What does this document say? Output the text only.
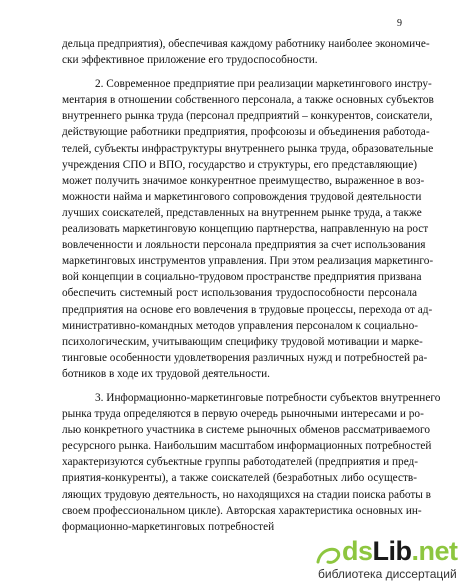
9
дельца предприятия), обеспечивая каждому работнику наиболее экономиче-
ски эффективное приложение его трудоспособности.
2. Современное предприятие при реализации маркетингового инстру-
ментария в отношении собственного персонала, а также основных субъектов
внутреннего рынка труда (персонал предприятий – конкурентов, соискатели,
действующие работники предприятия, профсоюзы и объединения работода-
телей, субъекты инфраструктуры внутреннего рынка труда, образовательные
учреждения СПО и ВПО, государство и структуры, его представляющие)
может получить значимое конкурентное преимущество, выраженное в воз-
можности найма и маркетингового сопровождения трудовой деятельности
лучших соискателей, представленных на внутреннем рынке труда, а также
реализовать маркетинговую концепцию партнерства, направленную на рост
вовлеченности и лояльности персонала предприятия за счет использования
маркетинговых инструментов управления. При этом реализация маркетинго-
вой концепции в социально-трудовом пространстве предприятия призвана
обеспечить системный рост использования трудоспособности персонала
предприятия на основе его вовлечения в трудовые процессы, перехода от ад-
министративно-командных методов управления персоналом к социально-
психологическим, учитывающим специфику трудовой мотивации и марке-
тинговые особенности удовлетворения различных нужд и потребностей ра-
ботников в ходе их трудовой деятельности.
3. Информационно-маркетинговые потребности субъектов внутреннего
рынка труда определяются в первую очередь рыночными интересами и ро-
лью конкретного участника в системе рыночных обменов рассматриваемого
ресурсного рынка. Наибольшим масштабом информационных потребностей
характеризуются субъектные группы работодателей (предприятия и пред-
приятия-конкуренты), а также соискателей (безработных либо осуществ-
ляющих трудовую деятельность, но находящихся на стадии поиска работы в
своем профессиональном цикле). Авторская характеристика основных ин-
формационно-маркетинговых потребностей
dsLib.net
библиотека диссертаций
